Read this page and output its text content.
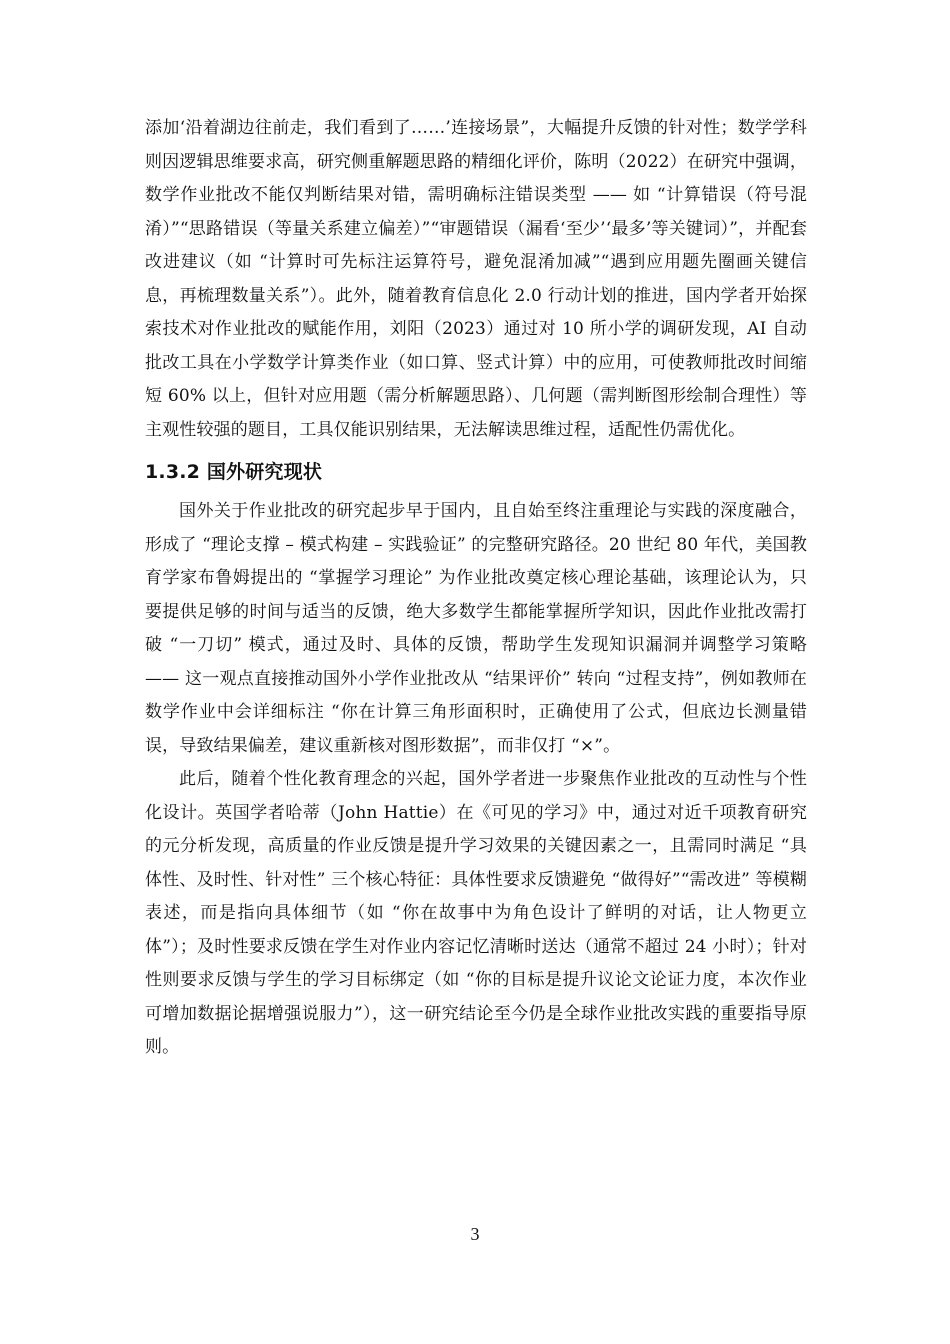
添加‘沿着湖边往前走，我们看到了……’连接场景”，大幅提升反馈的针对性；数学学科则因逻辑思维要求高，研究侧重解题思路的精细化评价，陈明（2022）在研究中强调，数学作业批改不能仅判断结果对错，需明确标注错误类型 —— 如 “计算错误（符号混淆）”“思路错误（等量关系建立偏差）”“审题错误（漏看‘至少’‘最多’等关键词）”，并配套改进建议（如 “计算时可先标注运算符号，避免混淆加减”“遇到应用题先圈画关键信息，再梳理数量关系”）。此外，随着教育信息化 2.0 行动计划的推进，国内学者开始探索技术对作业批改的赋能作用，刘阳（2023）通过对 10 所小学的调研发现，AI 自动批改工具在小学数学计算类作业（如口算、竖式计算）中的应用，可使教师批改时间缩短 60% 以上，但针对应用题（需分析解题思路）、几何题（需判断图形绘制合理性）等主观性较强的题目，工具仅能识别结果，无法解读思维过程，适配性仍需优化。

1.3.2 国外研究现状

国外关于作业批改的研究起步早于国内，且自始至终注重理论与实践的深度融合，形成了 “理论支撑 – 模式构建 – 实践验证” 的完整研究路径。20 世纪 80 年代，美国教育学家布鲁姆提出的 “掌握学习理论” 为作业批改奠定核心理论基础，该理论认为，只要提供足够的时间与适当的反馈，绝大多数学生都能掌握所学知识，因此作业批改需打破 “一刀切” 模式，通过及时、具体的反馈，帮助学生发现知识漏洞并调整学习策略 —— 这一观点直接推动国外小学作业批改从 “结果评价” 转向 “过程支持”，例如教师在数学作业中会详细标注 “你在计算三角形面积时，正确使用了公式，但底边长测量错误，导致结果偏差，建议重新核对图形数据”，而非仅打 “×”。

此后，随着个性化教育理念的兴起，国外学者进一步聚焦作业批改的互动性与个性化设计。英国学者哈蒂（John Hattie）在《可见的学习》中，通过对近千项教育研究的元分析发现，高质量的作业反馈是提升学习效果的关键因素之一，且需同时满足 “具体性、及时性、针对性” 三个核心特征：具体性要求反馈避免 “做得好”“需改进” 等模糊表述，而是指向具体细节（如 “你在故事中为角色设计了鲜明的对话，让人物更立体”）；及时性要求反馈在学生对作业内容记忆清晰时送达（通常不超过 24 小时）；针对性则要求反馈与学生的学习目标绑定（如 “你的目标是提升议论文论证力度，本次作业可增加数据论据增强说服力”），这一研究结论至今仍是全球作业批改实践的重要指导原则。

3
